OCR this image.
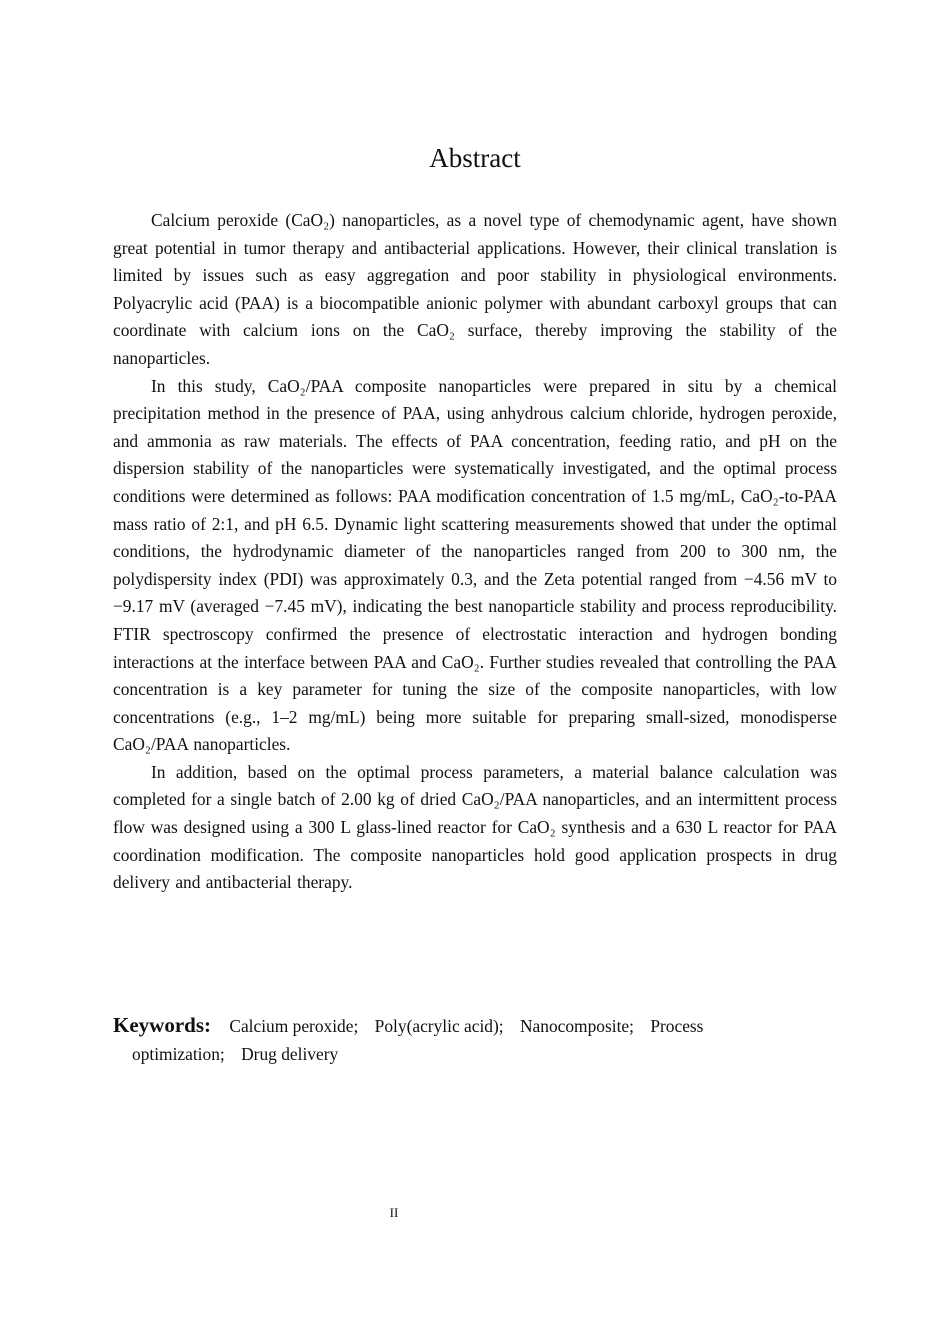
Abstract

Calcium peroxide (CaO₂) nanoparticles, as a novel type of chemodynamic agent, have shown great potential in tumor therapy and antibacterial applications. However, their clinical translation is limited by issues such as easy aggregation and poor stability in physiological environments. Polyacrylic acid (PAA) is a biocompatible anionic polymer with abundant carboxyl groups that can coordinate with calcium ions on the CaO₂ surface, thereby improving the stability of the nanoparticles.

In this study, CaO₂/PAA composite nanoparticles were prepared in situ by a chemical precipitation method in the presence of PAA, using anhydrous calcium chloride, hydrogen peroxide, and ammonia as raw materials. The effects of PAA concentration, feeding ratio, and pH on the dispersion stability of the nanoparticles were systematically investigated, and the optimal process conditions were determined as follows: PAA modification concentration of 1.5 mg/mL, CaO₂-to-PAA mass ratio of 2:1, and pH 6.5. Dynamic light scattering measurements showed that under the optimal conditions, the hydrodynamic diameter of the nanoparticles ranged from 200 to 300 nm, the polydispersity index (PDI) was approximately 0.3, and the Zeta potential ranged from −4.56 mV to −9.17 mV (averaged −7.45 mV), indicating the best nanoparticle stability and process reproducibility. FTIR spectroscopy confirmed the presence of electrostatic interaction and hydrogen bonding interactions at the interface between PAA and CaO₂. Further studies revealed that controlling the PAA concentration is a key parameter for tuning the size of the composite nanoparticles, with low concentrations (e.g., 1–2 mg/mL) being more suitable for preparing small-sized, monodisperse CaO₂/PAA nanoparticles.

In addition, based on the optimal process parameters, a material balance calculation was completed for a single batch of 2.00 kg of dried CaO₂/PAA nanoparticles, and an intermittent process flow was designed using a 300 L glass-lined reactor for CaO₂ synthesis and a 630 L reactor for PAA coordination modification. The composite nanoparticles hold good application prospects in drug delivery and antibacterial therapy.

Keywords: Calcium peroxide; Poly(acrylic acid); Nanocomposite; Process optimization; Drug delivery

II
